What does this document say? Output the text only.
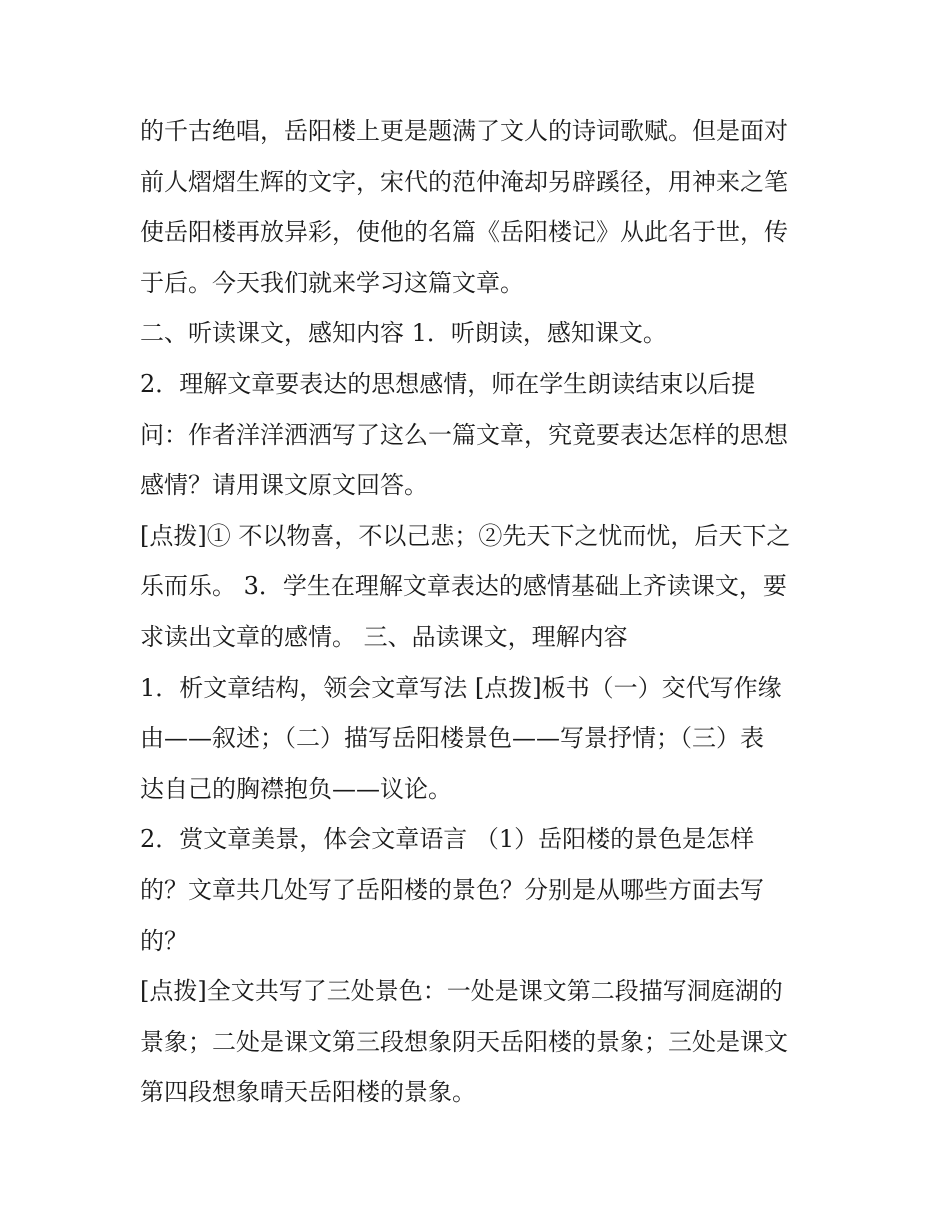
的千古绝唱，岳阳楼上更是题满了文人的诗词歌赋。但是面对
前人熠熠生辉的文字，宋代的范仲淹却另辟蹊径，用神来之笔
使岳阳楼再放异彩，使他的名篇《岳阳楼记》从此名于世，传
于后。今天我们就来学习这篇文章。
二、听读课文，感知内容 1．听朗读，感知课文。
2．理解文章要表达的思想感情，师在学生朗读结束以后提
问：作者洋洋洒洒写了这么一篇文章，究竟要表达怎样的思想
感情？请用课文原文回答。
[点拨]① 不以物喜，不以己悲；②先天下之忧而忧，后天下之
乐而乐。 3．学生在理解文章表达的感情基础上齐读课文，要
求读出文章的感情。 三、品读课文，理解内容
1．析文章结构，领会文章写法 [点拨]板书（一）交代写作缘
由——叙述；（二）描写岳阳楼景色——写景抒情；（三）表
达自己的胸襟抱负——议论。
2．赏文章美景，体会文章语言 （1）岳阳楼的景色是怎样
的？文章共几处写了岳阳楼的景色？分别是从哪些方面去写
的？
[点拨]全文共写了三处景色：一处是课文第二段描写洞庭湖的
景象；二处是课文第三段想象阴天岳阳楼的景象；三处是课文
第四段想象晴天岳阳楼的景象。
